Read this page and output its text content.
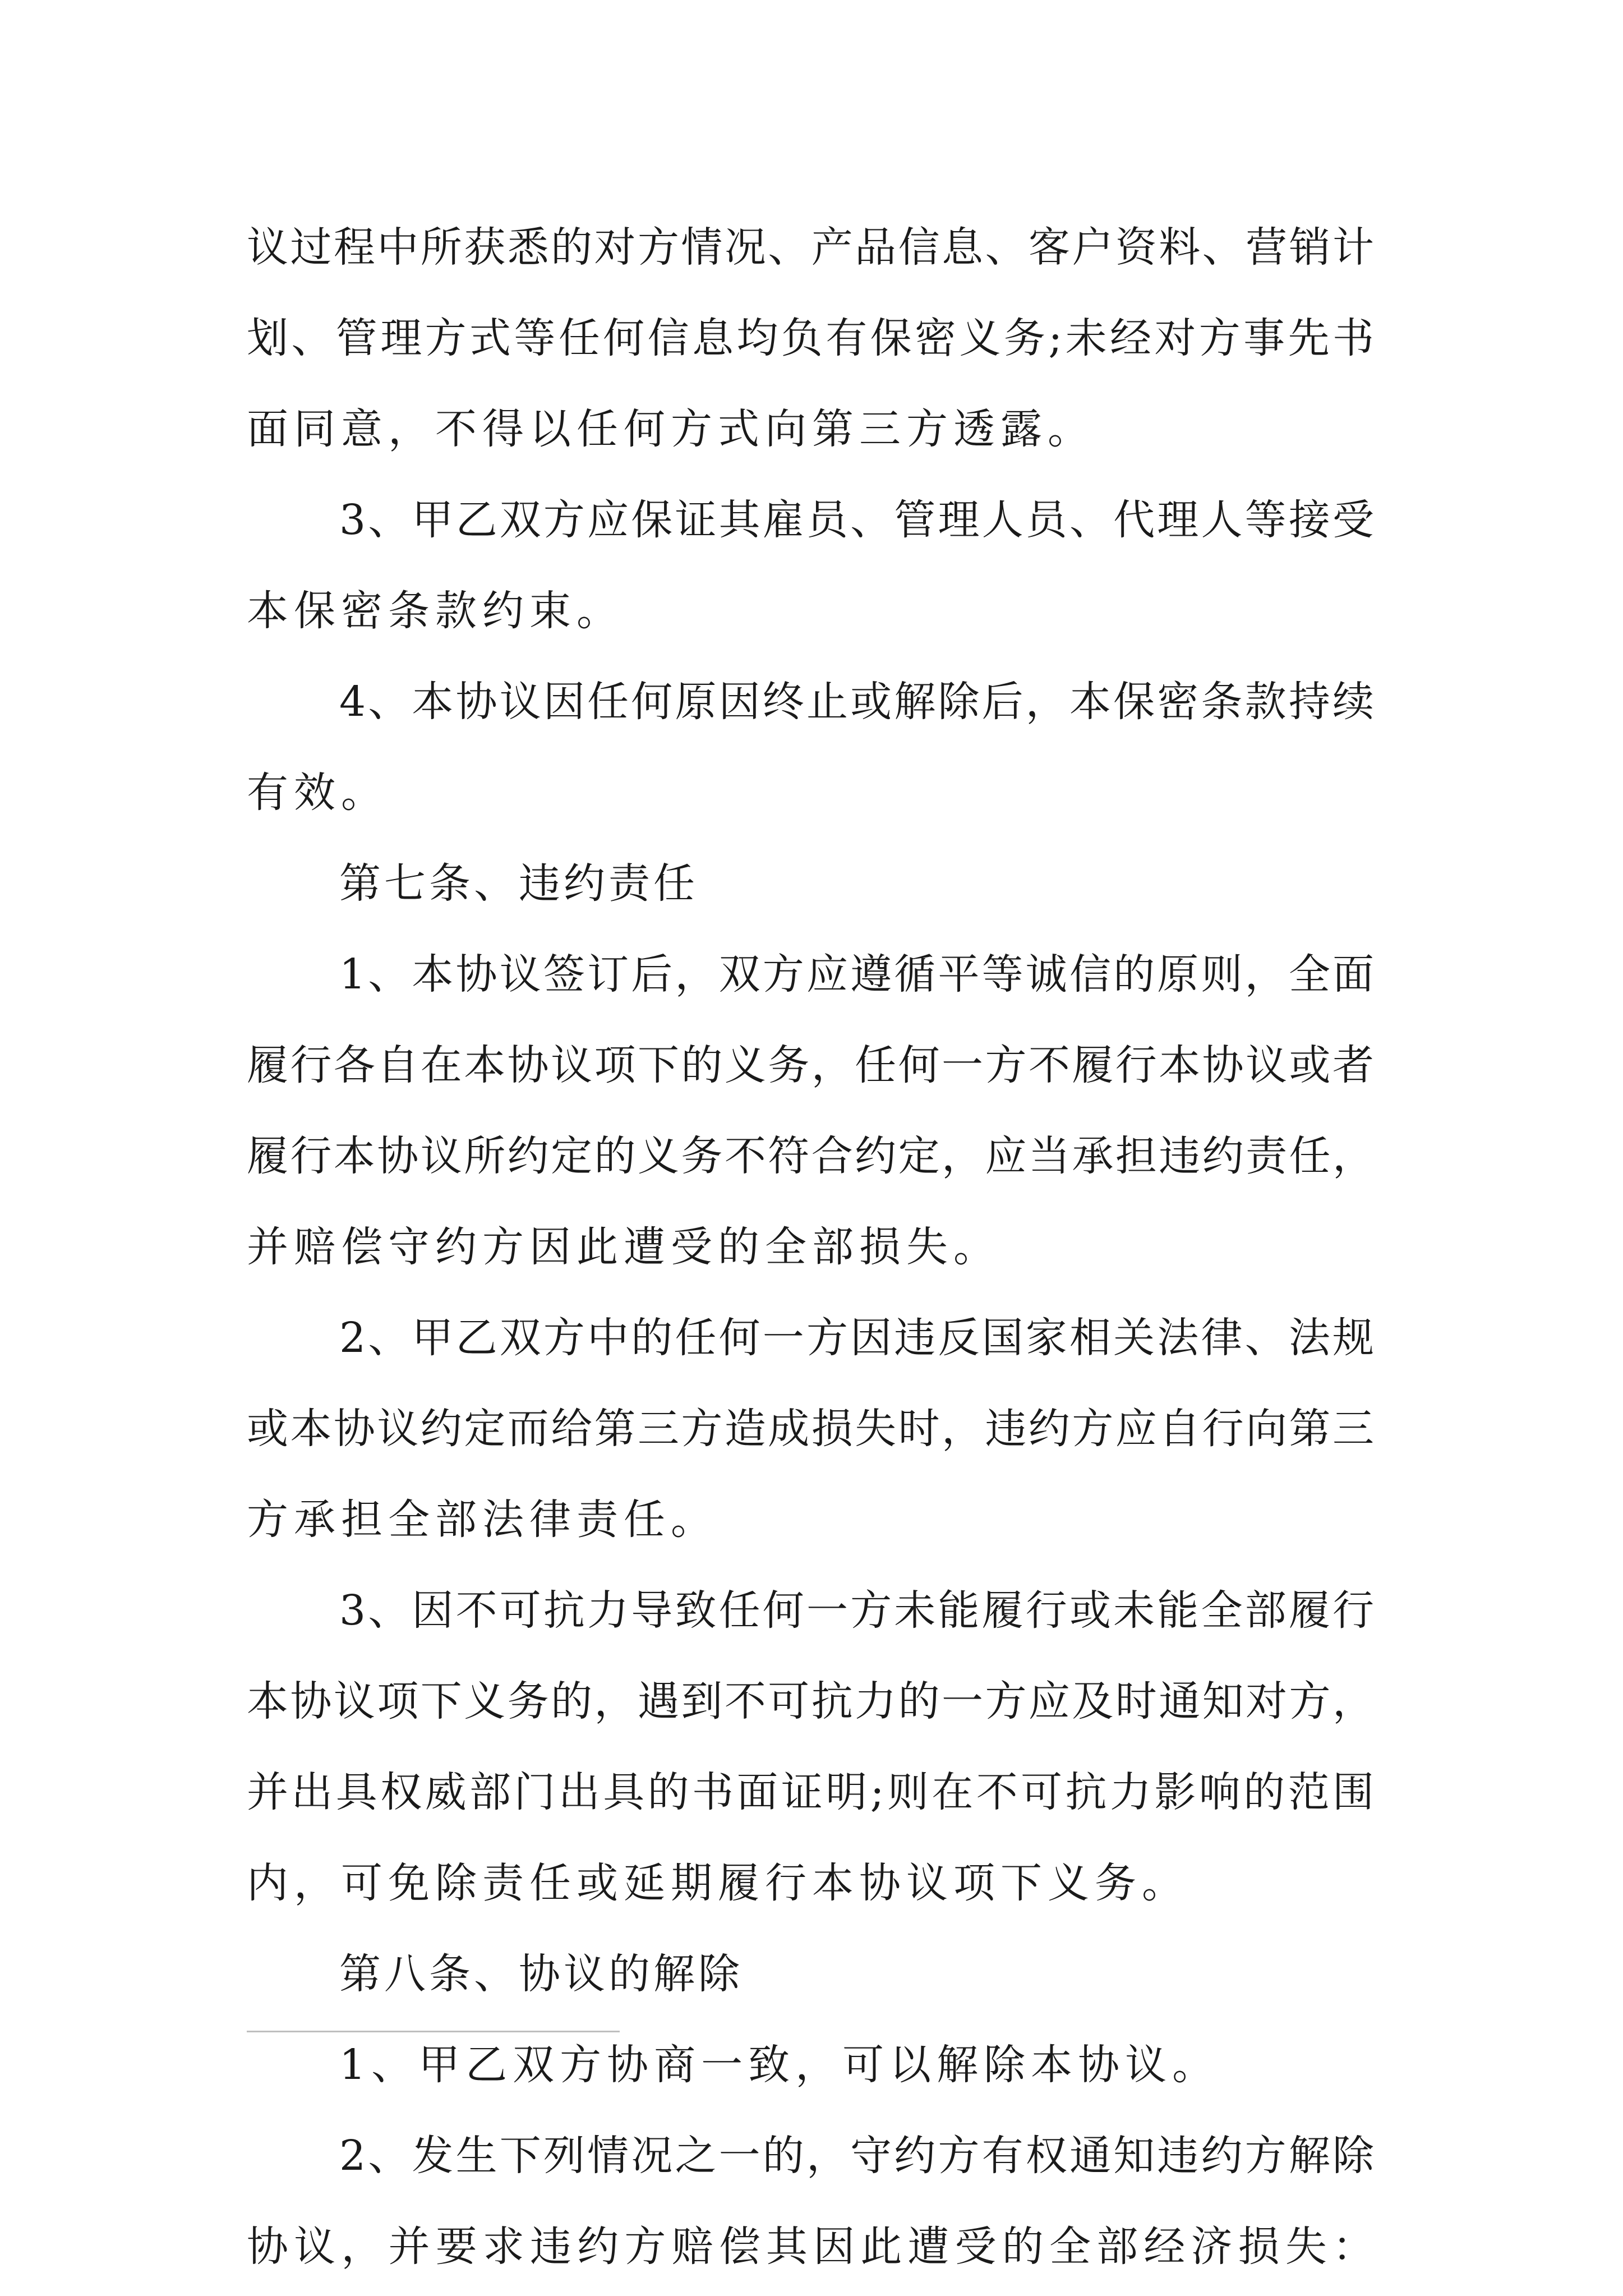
议过程中所获悉的对方情况、产品信息、客户资料、营销计
划、管理方式等任何信息均负有保密义务;未经对方事先书
面同意，不得以任何方式向第三方透露。
3、甲乙双方应保证其雇员、管理人员、代理人等接受
本保密条款约束。
4、本协议因任何原因终止或解除后，本保密条款持续
有效。
第七条、违约责任
1、本协议签订后，双方应遵循平等诚信的原则，全面
履行各自在本协议项下的义务，任何一方不履行本协议或者
履行本协议所约定的义务不符合约定，应当承担违约责任，
并赔偿守约方因此遭受的全部损失。
2、甲乙双方中的任何一方因违反国家相关法律、法规
或本协议约定而给第三方造成损失时，违约方应自行向第三
方承担全部法律责任。
3、因不可抗力导致任何一方未能履行或未能全部履行
本协议项下义务的，遇到不可抗力的一方应及时通知对方，
并出具权威部门出具的书面证明;则在不可抗力影响的范围
内，可免除责任或延期履行本协议项下义务。
第八条、协议的解除
1、甲乙双方协商一致，可以解除本协议。
2、发生下列情况之一的，守约方有权通知违约方解除
协议，并要求违约方赔偿其因此遭受的全部经济损失：
